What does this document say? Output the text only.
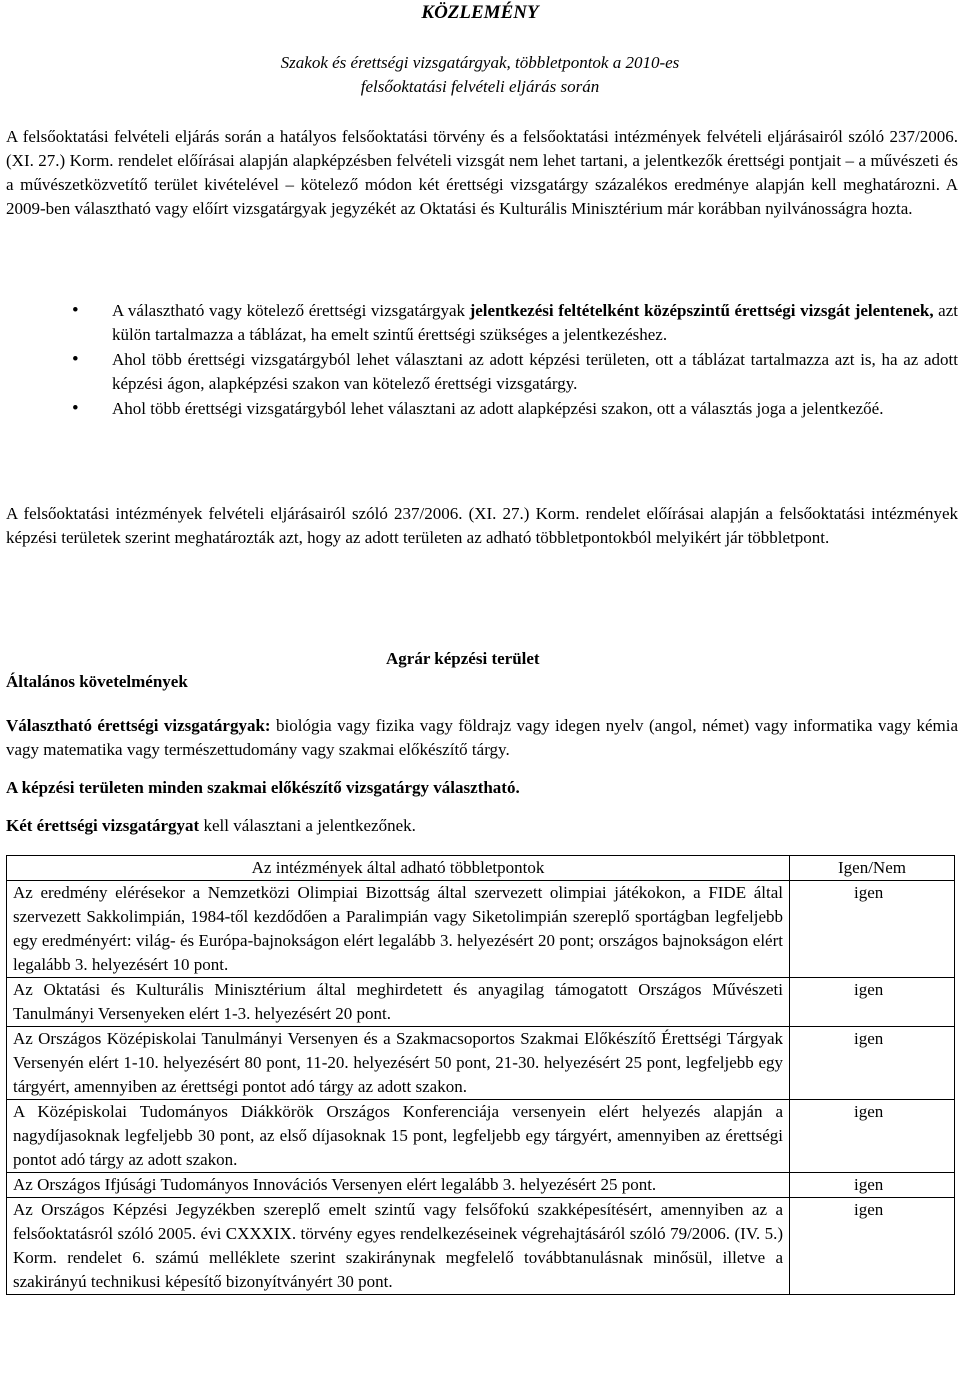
KÖZLEMÉNY
Szakok és érettségi vizsgatárgyak, többletpontok a 2010-es
felsőoktatási felvételi eljárás során
A felsőoktatási felvételi eljárás során a hatályos felsőoktatási törvény és a felsőoktatási intézmények felvételi eljárásairól szóló 237/2006. (XI. 27.) Korm. rendelet előírásai alapján alapképzésben felvételi vizsgát nem lehet tartani, a jelentkezők érettségi pontjait – a művészeti és a művészetközvetítő terület kivételével – kötelező módon két érettségi vizsgatárgy százalékos eredménye alapján kell meghatározni. A 2009-ben választható vagy előírt vizsgatárgyak jegyzékét az Oktatási és Kulturális Minisztérium már korábban nyilvánosságra hozta.
• A választható vagy kötelező érettségi vizsgatárgyak jelentkezési feltételként középszintű érettségi vizsgát jelentenek, azt külön tartalmazza a táblázat, ha emelt szintű érettségi szükséges a jelentkezéshez.
• Ahol több érettségi vizsgatárgyból lehet választani az adott képzési területen, ott a táblázat tartalmazza azt is, ha az adott képzési ágon, alapképzési szakon van kötelező érettségi vizsgatárgy.
• Ahol több érettségi vizsgatárgyból lehet választani az adott alapképzési szakon, ott a választás joga a jelentkezőé.
A felsőoktatási intézmények felvételi eljárásairól szóló 237/2006. (XI. 27.) Korm. rendelet előírásai alapján a felsőoktatási intézmények képzési területek szerint meghatározták azt, hogy az adott területen az adható többletpontokból melyikért jár többletpont.
Agrár képzési terület
Általános követelmények
Választható érettségi vizsgatárgyak: biológia vagy fizika vagy földrajz vagy idegen nyelv (angol, német) vagy informatika vagy kémia vagy matematika vagy természettudomány vagy szakmai előkészítő tárgy.
A képzési területen minden szakmai előkészítő vizsgatárgy választható.
Két érettségi vizsgatárgyat kell választani a jelentkezőnek.
Az intézmények által adható többletpontok	Igen/Nem
Az eredmény elérésekor a Nemzetközi Olimpiai Bizottság által szervezett olimpiai játékokon, a FIDE által szervezett Sakkolimpián, 1984-től kezdődően a Paralimpián vagy Siketolimpián szereplő sportágban legfeljebb egy eredményért: világ- és Európa-bajnokságon elért legalább 3. helyezésért 20 pont; országos bajnokságon elért legalább 3. helyezésért 10 pont.	igen
Az Oktatási és Kulturális Minisztérium által meghirdetett és anyagilag támogatott Országos Művészeti Tanulmányi Versenyeken elért 1-3. helyezésért 20 pont.	igen
Az Országos Középiskolai Tanulmányi Versenyen és a Szakmacsoportos Szakmai Előkészítő Érettségi Tárgyak Versenyén elért 1-10. helyezésért 80 pont, 11-20. helyezésért 50 pont, 21-30. helyezésért 25 pont, legfeljebb egy tárgyért, amennyiben az érettségi pontot adó tárgy az adott szakon.	igen
A Középiskolai Tudományos Diákkörök Országos Konferenciája versenyein elért helyezés alapján a nagydíjasoknak legfeljebb 30 pont, az első díjasoknak 15 pont, legfeljebb egy tárgyért, amennyiben az érettségi pontot adó tárgy az adott szakon.	igen
Az Országos Ifjúsági Tudományos Innovációs Versenyen elért legalább 3. helyezésért 25 pont.	igen
Az Országos Képzési Jegyzékben szereplő emelt szintű vagy felsőfokú szakképesítésért, amennyiben az a felsőoktatásról szóló 2005. évi CXXXIX. törvény egyes rendelkezéseinek végrehajtásáról szóló 79/2006. (IV. 5.) Korm. rendelet 6. számú melléklete szerint szakiránynak megfelelő továbbtanulásnak minősül, illetve a szakirányú technikusi képesítő bizonyítványért 30 pont.	igen
